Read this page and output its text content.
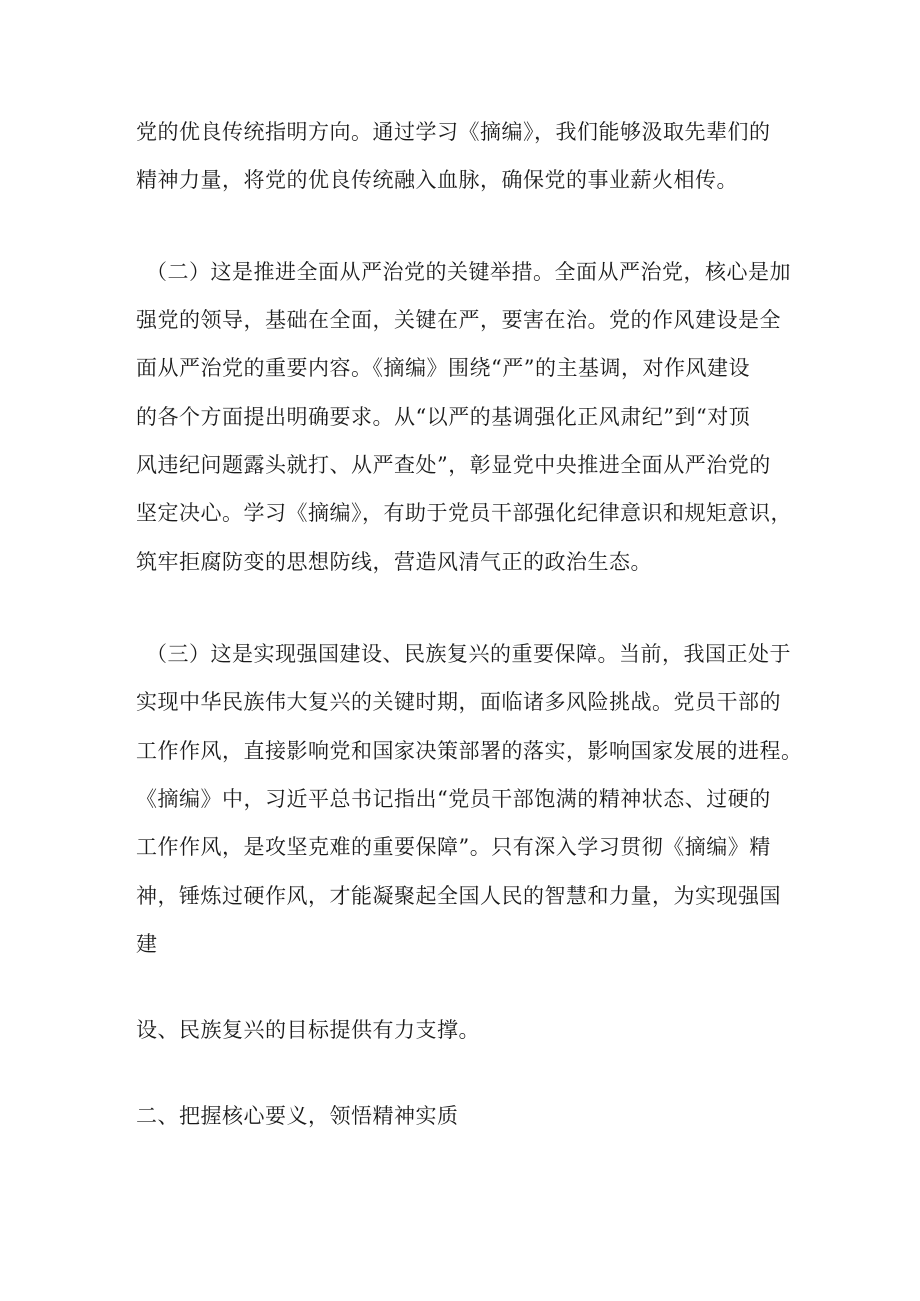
党的优良传统指明方向。通过学习《摘编》，我们能够汲取先辈们的
精神力量，将党的优良传统融入血脉，确保党的事业薪火相传。
（二）这是推进全面从严治党的关键举措。全面从严治党，核心是加
强党的领导，基础在全面，关键在严，要害在治。党的作风建设是全
面从严治党的重要内容。《摘编》围绕“严”的主基调，对作风建设
的各个方面提出明确要求。从“以严的基调强化正风肃纪”到“对顶
风违纪问题露头就打、从严查处”，彰显党中央推进全面从严治党的
坚定决心。学习《摘编》，有助于党员干部强化纪律意识和规矩意识，
筑牢拒腐防变的思想防线，营造风清气正的政治生态。
（三）这是实现强国建设、民族复兴的重要保障。当前，我国正处于
实现中华民族伟大复兴的关键时期，面临诸多风险挑战。党员干部的
工作作风，直接影响党和国家决策部署的落实，影响国家发展的进程。
《摘编》中，习近平总书记指出“党员干部饱满的精神状态、过硬的
工作作风，是攻坚克难的重要保障”。只有深入学习贯彻《摘编》精
神，锤炼过硬作风，才能凝聚起全国人民的智慧和力量，为实现强国
建
设、民族复兴的目标提供有力支撑。
二、把握核心要义，领悟精神实质
